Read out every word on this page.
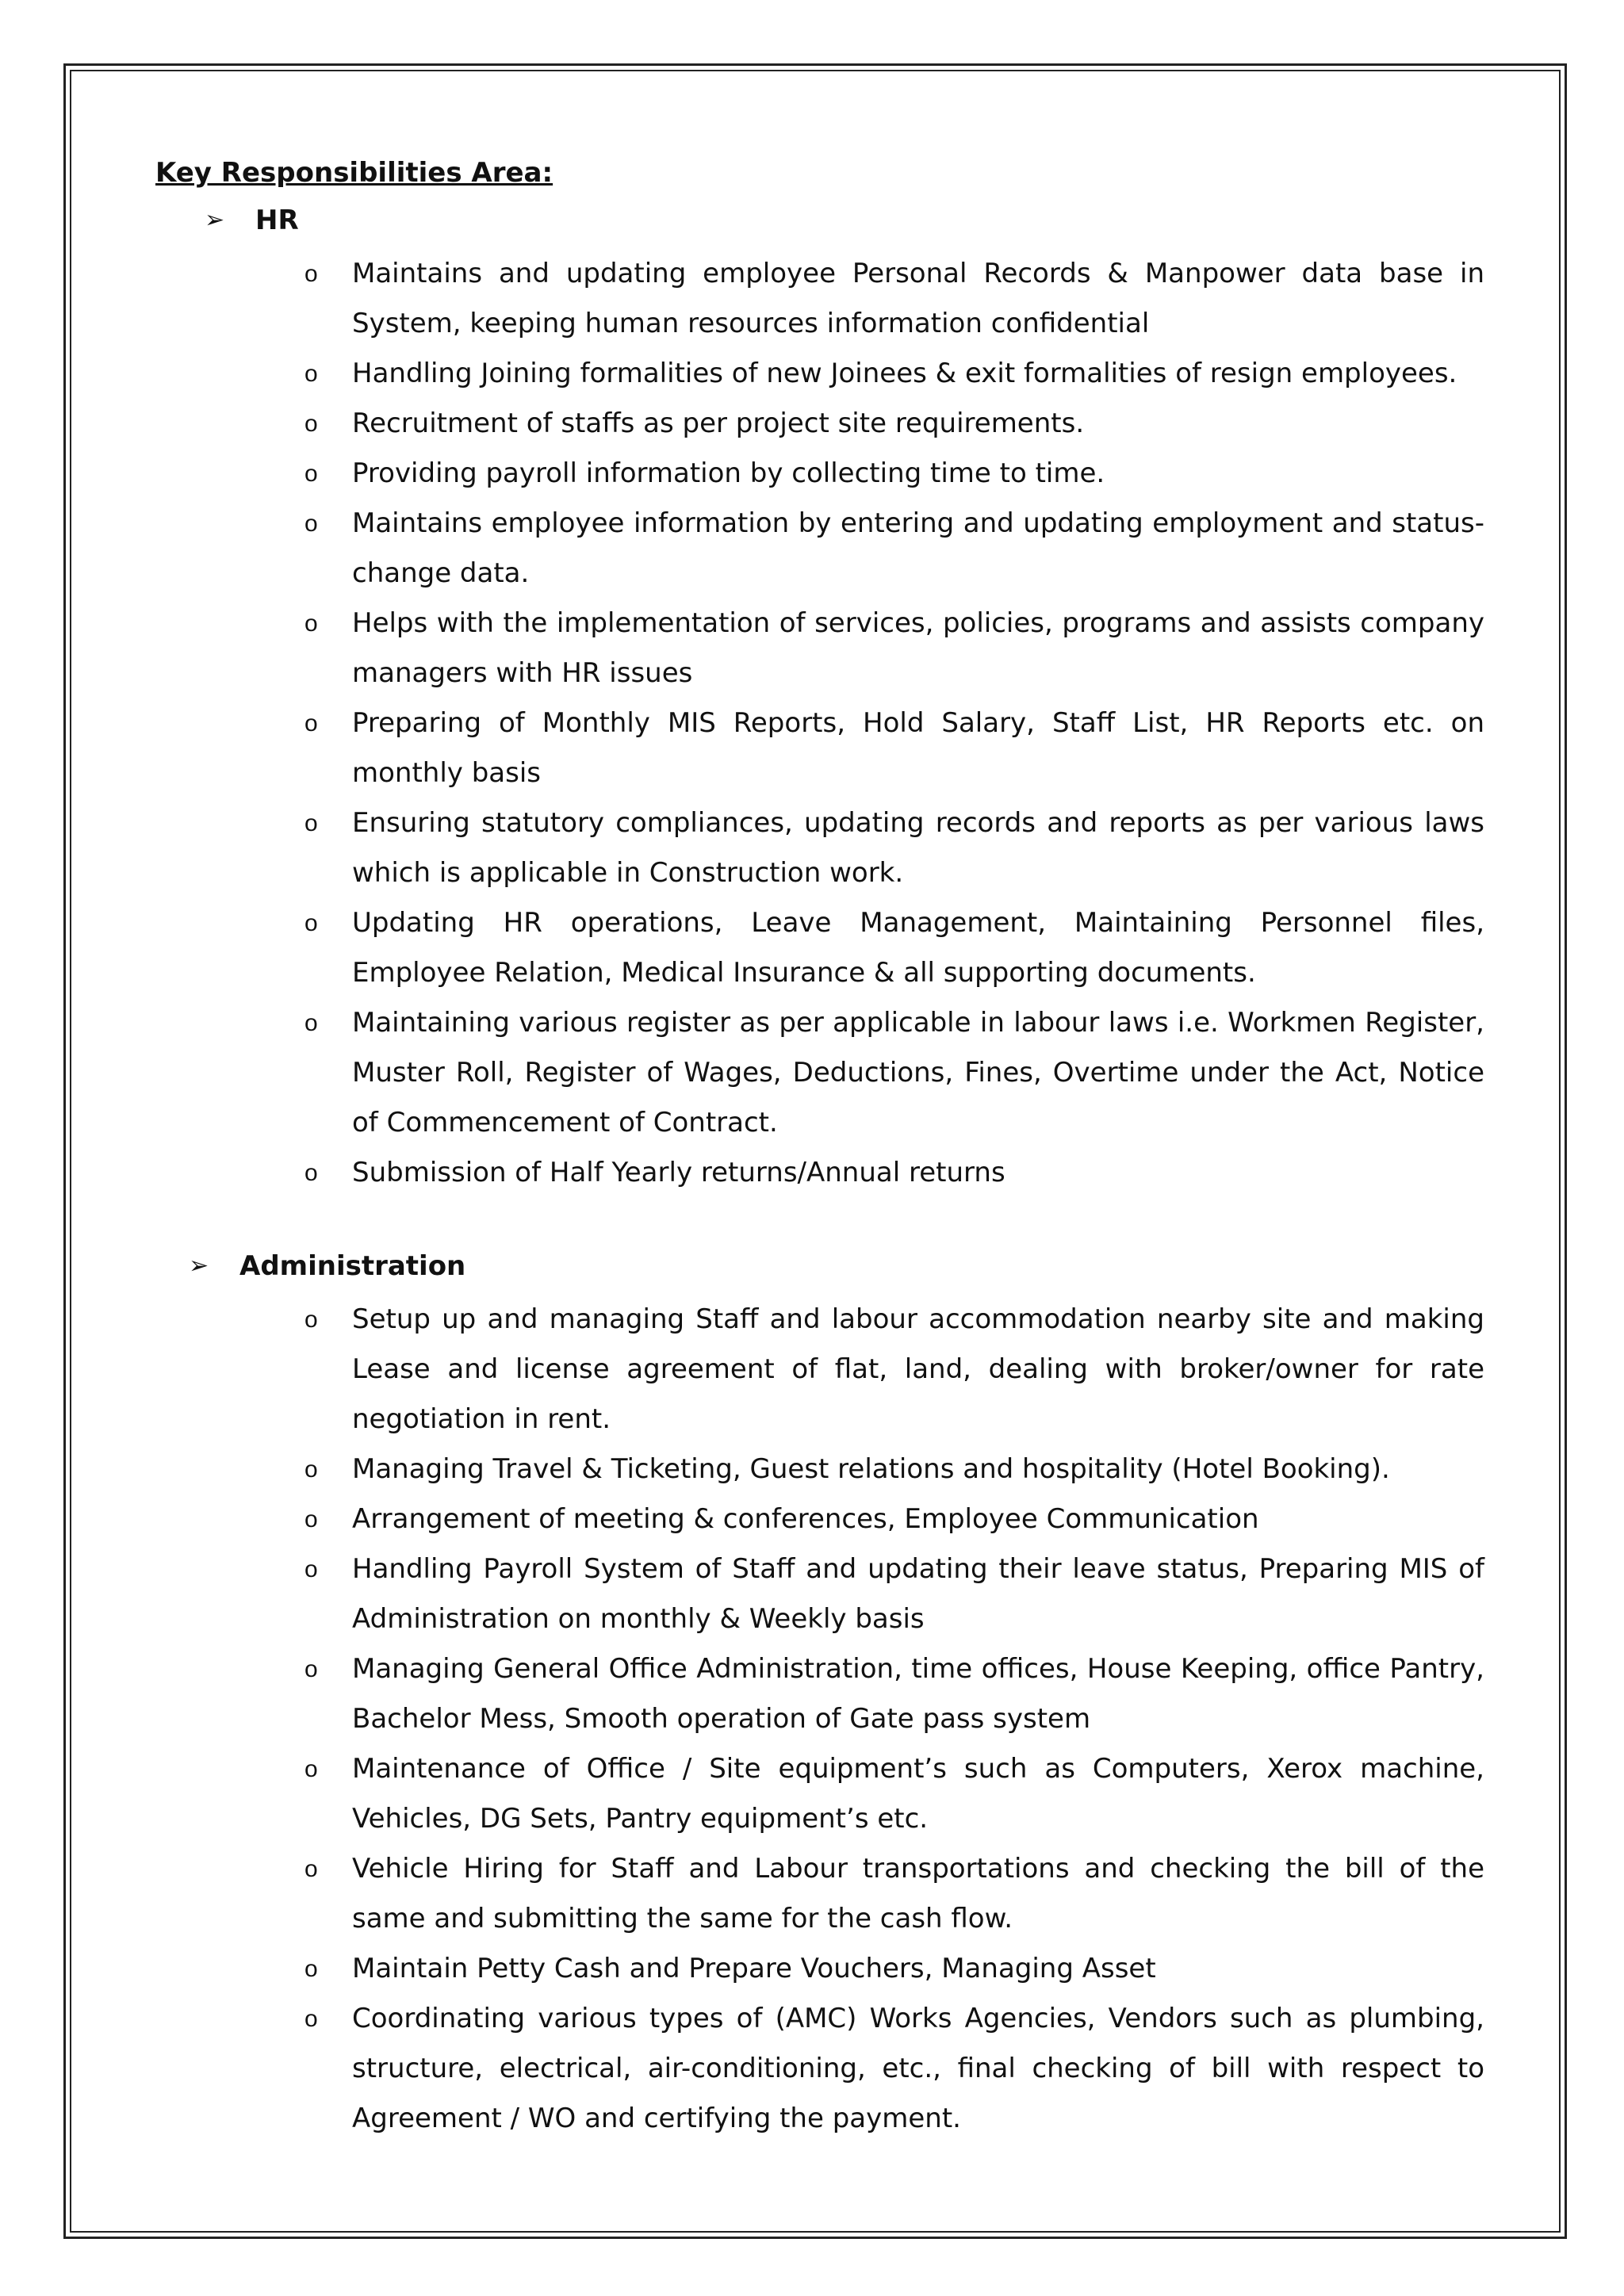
Key Responsibilities Area:
➢	HR
o	Maintains and updating employee Personal Records & Manpower data base in System, keeping human resources information confidential
o	Handling Joining formalities of new Joinees & exit formalities of resign employees.
o	Recruitment of staffs as per project site requirements.
o	Providing payroll information by collecting time to time.
o	Maintains employee information by entering and updating employment and status-change data.
o	Helps with the implementation of services, policies, programs and assists company managers with HR issues
o	Preparing of Monthly MIS Reports, Hold Salary, Staff List, HR Reports etc. on monthly basis
o	Ensuring statutory compliances, updating records and reports as per various laws which is applicable in Construction work.
o	Updating HR operations, Leave Management, Maintaining Personnel files, Employee Relation, Medical Insurance & all supporting documents.
o	Maintaining various register as per applicable in labour laws i.e. Workmen Register, Muster Roll, Register of Wages, Deductions, Fines, Overtime under the Act, Notice of Commencement of Contract.
o	Submission of Half Yearly returns/Annual returns
➢	Administration
o	Setup up and managing Staff and labour accommodation nearby site and making Lease and license agreement of flat, land, dealing with broker/owner for rate negotiation in rent.
o	Managing Travel & Ticketing, Guest relations and hospitality (Hotel Booking).
o	Arrangement of meeting & conferences, Employee Communication
o	Handling Payroll System of Staff and updating their leave status, Preparing MIS of Administration on monthly & Weekly basis
o	Managing General Office Administration, time offices, House Keeping, office Pantry, Bachelor Mess, Smooth operation of Gate pass system
o	Maintenance of Office / Site equipment’s such as Computers, Xerox machine, Vehicles, DG Sets, Pantry equipment’s etc.
o	Vehicle Hiring for Staff and Labour transportations and checking the bill of the same and submitting the same for the cash flow.
o	Maintain Petty Cash and Prepare Vouchers, Managing Asset
o	Coordinating various types of (AMC) Works Agencies, Vendors such as plumbing, structure, electrical, air-conditioning, etc., final checking of bill with respect to Agreement / WO and certifying the payment.
